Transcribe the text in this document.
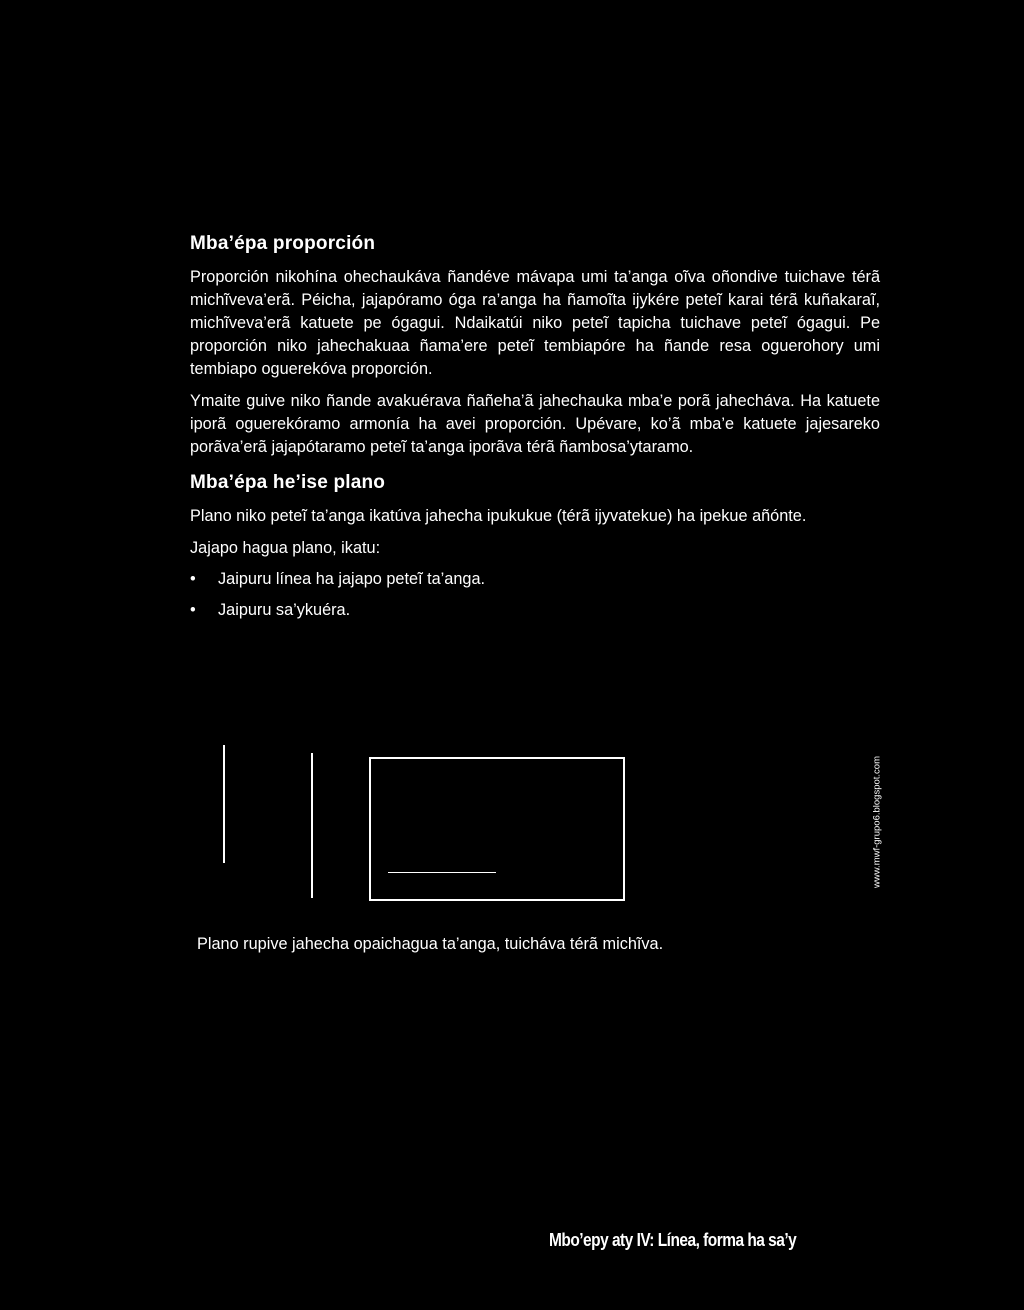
Mba’épa proporción

Proporción nikohína ohechaukáva ñandéve mávapa umi ta’anga oĩva oñondive tuichave térã michĩveva’erã. Péicha, jajapóramo óga ra’anga ha ñamoĩta ijykére peteĩ karai térã kuñakaraĩ, michĩveva’erã katuete pe ógagui. Ndaikatúi niko peteĩ tapicha tuichave peteĩ ógagui. Pe proporción niko jahechakuaa ñama’ere peteĩ tembiapóre ha ñande resa oguerohory umi tembiapo oguerekóva proporción.

Ymaite guive niko ñande avakuérava ñañeha’ã jahechauka mba’e porã jahecháva. Ha katuete iporã oguerekóramo armonía ha avei proporción. Upévare, ko’ã mba’e katuete jajesareko porãva’erã jajapótaramo peteĩ ta’anga iporãva térã ñambosa’ytaramo.

Mba’épa he’ise plano

Plano niko peteĩ ta’anga ikatúva jahecha ipukukue (térã ijyvatekue) ha ipekue añónte.

Jajapo hagua plano, ikatu:

• Jaipuru línea ha jajapo peteĩ ta’anga.
• Jaipuru sa’ykuéra.
www.mwf-grupo6.blogspot.com
Plano rupive jahecha opaichagua ta’anga, tuicháva térã michĩva.
Mbo’epy aty IV: Línea, forma ha sa’y
